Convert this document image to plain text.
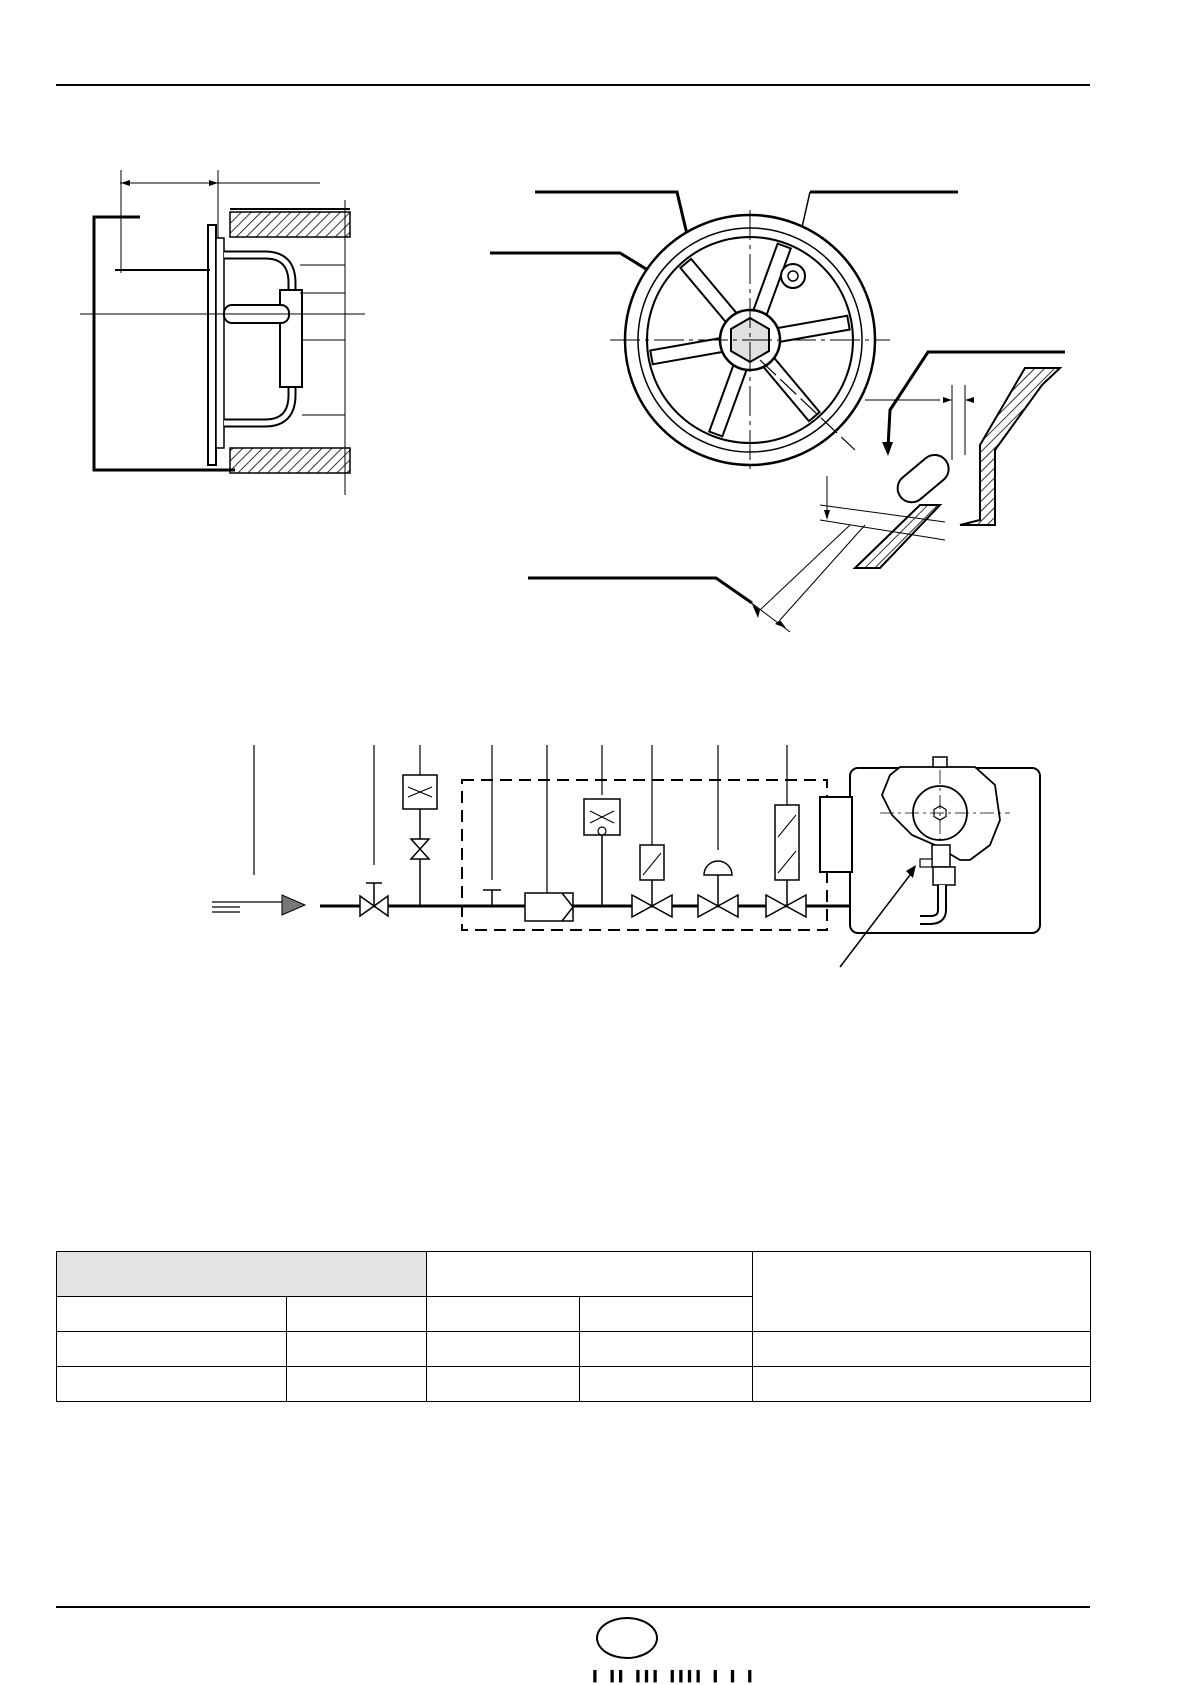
▐ ▐▐ ▐▐▐ ▐▐▐▐ ▐ ▐ ▐
